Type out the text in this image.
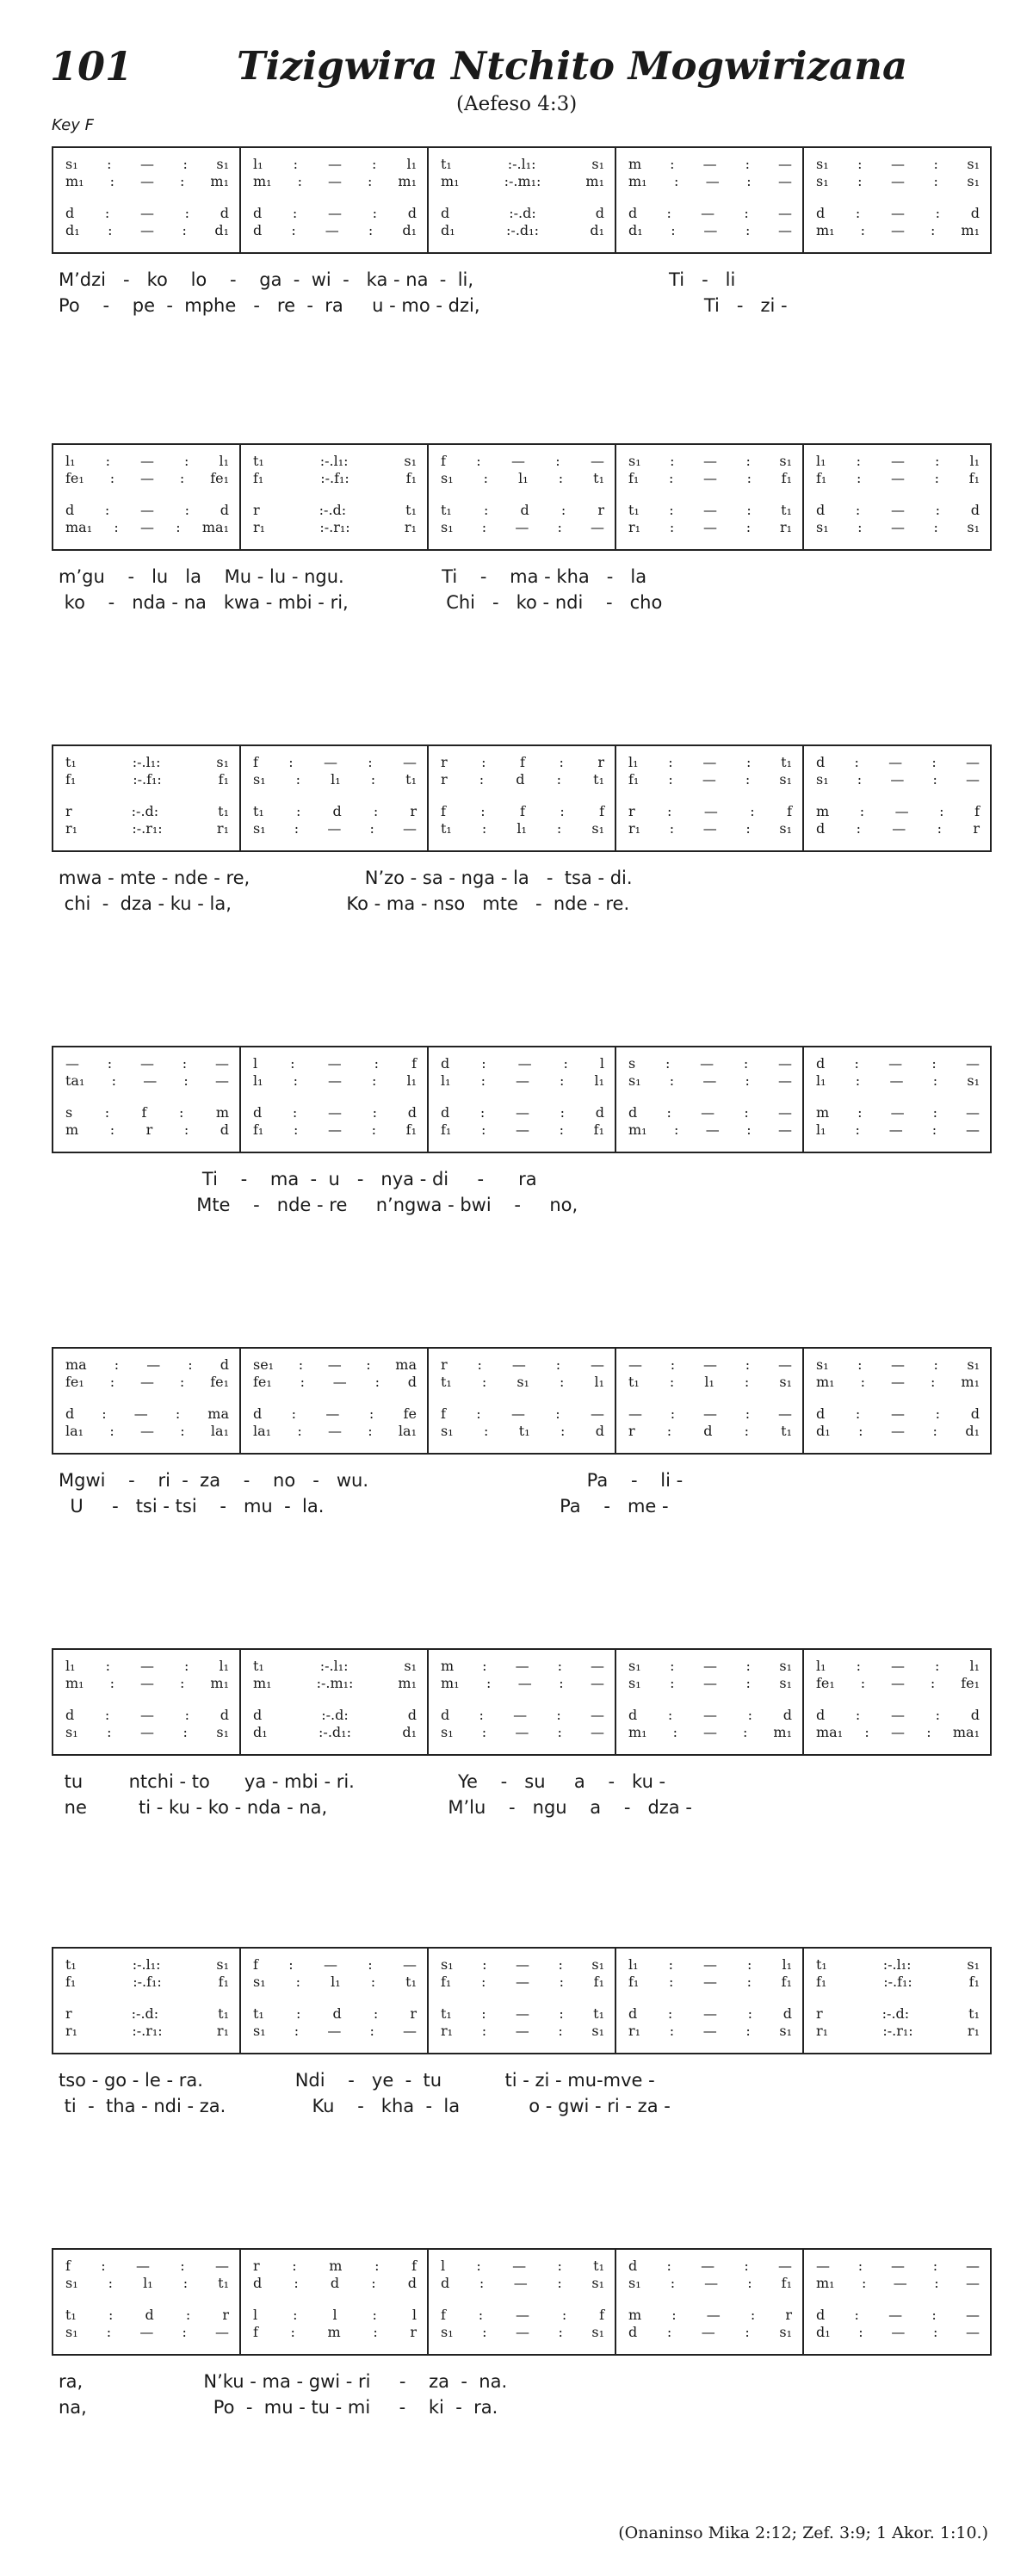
101	Tizigwira Ntchito Mogwirizana
(Aefeso 4:3)
Key F
s₁ : — : s₁
m₁ : — : m₁
d : — : d
d₁ : — : d₁
l₁ : — : l₁
m₁ : — : m₁
d : — : d
d : — : d₁
t₁ :-.l₁: s₁
m₁ :-.m₁: m₁
d :-.d: d
d₁ :-.d₁: d₁
m : — : —
m₁ : — : —
d : — : —
d₁ : — : —
s₁ : — : s₁
s₁ : — : s₁
d : — : d
m₁ : — : m₁
M’dzi   -   ko    lo    -    ga  -  wi  -   ka - na  -  li,                                  Ti   -   li
Po    -    pe  -  mphe   -   re  -  ra     u - mo - dzi,                                       Ti   -   zi -
l₁ : — : l₁
fe₁ : — : fe₁
d : — : d
ma₁ : — : ma₁
t₁ :-.l₁: s₁
f₁ :-.f₁: f₁
r :-.d: t₁
r₁ :-.r₁: r₁
f : — : —
s₁ : l₁ : t₁
t₁ : d : r
s₁ : — : —
s₁ : — : s₁
f₁ : — : f₁
t₁ : — : t₁
r₁ : — : r₁
l₁ : — : l₁
f₁ : — : f₁
d : — : d
s₁ : — : s₁
m’gu    -   lu   la    Mu - lu - ngu.                 Ti    -    ma - kha   -   la
ko    -   nda - na   kwa - mbi - ri,                 Chi   -   ko - ndi    -   cho
t₁ :-.l₁: s₁
f₁ :-.f₁: f₁
r :-.d: t₁
r₁ :-.r₁: r₁
f : — : —
s₁ : l₁ : t₁
t₁ : d : r
s₁ : — : —
r : f : r
r : d : t₁
f : f : f
t₁ : l₁ : s₁
l₁ : — : t₁
f₁ : — : s₁
r : — : f
r₁ : — : s₁
d : — : —
s₁ : — : —
m : — : f
d : — : r
mwa - mte - nde - re,                    N’zo - sa - nga - la   -  tsa - di.
chi  -  dza - ku - la,                    Ko - ma - nso   mte   -  nde - re.
— : — : —
ta₁ : — : —
s : f : m
m : r : d
l : — : f
l₁ : — : l₁
d : — : d
f₁ : — : f₁
d : — : l
l₁ : — : l₁
d : — : d
f₁ : — : f₁
s : — : —
s₁ : — : —
d : — : —
m₁ : — : —
d : — : —
l₁ : — : s₁
m : — : —
l₁ : — : —
Ti    -    ma  -  u   -   nya - di     -      ra
Mte    -   nde - re     n’ngwa - bwi    -     no,
ma : — : d
fe₁ : — : fe₁
d : — : ma
la₁ : — : la₁
se₁ : — : ma
fe₁ : — : d
d : — : fe
la₁ : — : la₁
r : — : —
t₁ : s₁ : l₁
f : — : —
s₁ : t₁ : d
— : — : —
t₁ : l₁ : s₁
— : — : —
r : d : t₁
s₁ : — : s₁
m₁ : — : m₁
d : — : d
d₁ : — : d₁
Mgwi    -    ri  -  za    -    no   -   wu.                                      Pa    -    li -
U     -   tsi - tsi    -   mu  -  la.                                         Pa    -   me -
l₁ : — : l₁
m₁ : — : m₁
d : — : d
s₁ : — : s₁
t₁ :-.l₁: s₁
m₁ :-.m₁: m₁
d :-.d: d
d₁ :-.d₁: d₁
m : — : —
m₁ : — : —
d : — : —
s₁ : — : —
s₁ : — : s₁
s₁ : — : s₁
d : — : d
m₁ : — : m₁
l₁ : — : l₁
fe₁ : — : fe₁
d : — : d
ma₁ : — : ma₁
tu        ntchi - to      ya - mbi - ri.                  Ye    -   su     a    -   ku -
ne         ti - ku - ko - nda - na,                     M’lu    -   ngu    a    -   dza -
t₁ :-.l₁: s₁
f₁ :-.f₁: f₁
r :-.d: t₁
r₁ :-.r₁: r₁
f : — : —
s₁ : l₁ : t₁
t₁ : d : r
s₁ : — : —
s₁ : — : s₁
f₁ : — : f₁
t₁ : — : t₁
r₁ : — : s₁
l₁ : — : l₁
f₁ : — : f₁
d : — : d
r₁ : — : s₁
t₁ :-.l₁: s₁
f₁ :-.f₁: f₁
r :-.d: t₁
r₁ :-.r₁: r₁
tso - go - le - ra.                Ndi    -   ye  -  tu           ti - zi - mu-mve -
ti  -  tha - ndi - za.               Ku    -   kha  -  la            o - gwi - ri - za -
f : — : —
s₁ : l₁ : t₁
t₁ : d : r
s₁ : — : —
r : m : f
d : d : d
l : l : l
f : m : r
l : — : t₁
d : — : s₁
f : — : f
s₁ : — : s₁
d : — : —
s₁ : — : f₁
m : — : r
d : — : s₁
— : — : —
m₁ : — : —
d : — : —
d₁ : — : —
ra,                     N’ku - ma - gwi - ri     -    za  -  na.
na,                      Po  -  mu - tu - mi     -    ki  -  ra.
(Onaninso Mika 2:12; Zef. 3:9; 1 Akor. 1:10.)
